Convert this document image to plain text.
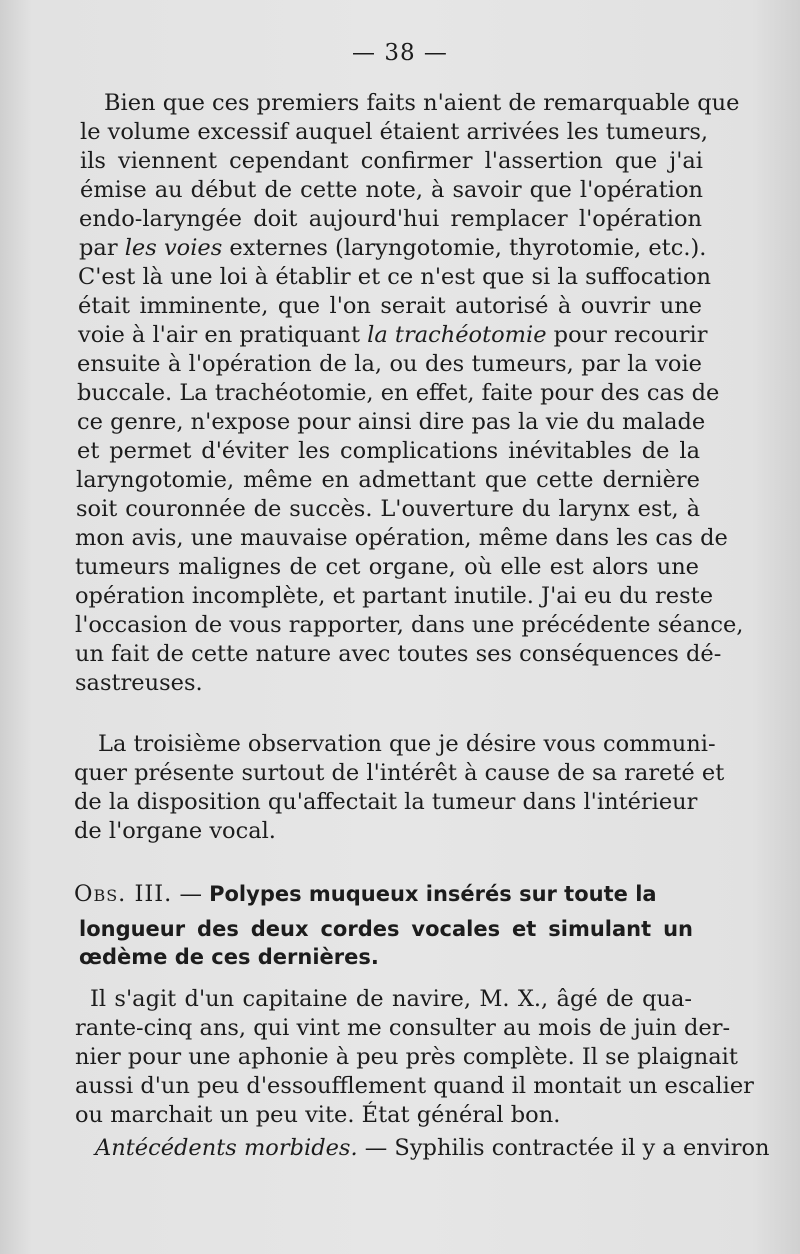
— 38 —
Bien que ces premiers faits n'aient de remarquable que
le volume excessif auquel étaient arrivées les tumeurs,
ils viennent cependant confirmer l'assertion que j'ai
émise au début de cette note, à savoir que l'opération
endo-laryngée doit aujourd'hui remplacer l'opération
par les voies externes (laryngotomie, thyrotomie, etc.).
C'est là une loi à établir et ce n'est que si la suffocation
était imminente, que l'on serait autorisé à ouvrir une
voie à l'air en pratiquant la trachéotomie pour recourir
ensuite à l'opération de la, ou des tumeurs, par la voie
buccale. La trachéotomie, en effet, faite pour des cas de
ce genre, n'expose pour ainsi dire pas la vie du malade
et permet d'éviter les complications inévitables de la
laryngotomie, même en admettant que cette dernière
soit couronnée de succès. L'ouverture du larynx est, à
mon avis, une mauvaise opération, même dans les cas de
tumeurs malignes de cet organe, où elle est alors une
opération incomplète, et partant inutile. J'ai eu du reste
l'occasion de vous rapporter, dans une précédente séance,
un fait de cette nature avec toutes ses conséquences dé-
sastreuses.
La troisième observation que je désire vous communi-
quer présente surtout de l'intérêt à cause de sa rareté et
de la disposition qu'affectait la tumeur dans l'intérieur
de l'organe vocal.
Obs. III. — Polypes muqueux insérés sur toute la
longueur des deux cordes vocales et simulant un
œdème de ces dernières.
Il s'agit d'un capitaine de navire, M. X., âgé de qua-
rante-cinq ans, qui vint me consulter au mois de juin der-
nier pour une aphonie à peu près complète. Il se plaignait
aussi d'un peu d'essoufflement quand il montait un escalier
ou marchait un peu vite. État général bon.
Antécédents morbides. — Syphilis contractée il y a environ
